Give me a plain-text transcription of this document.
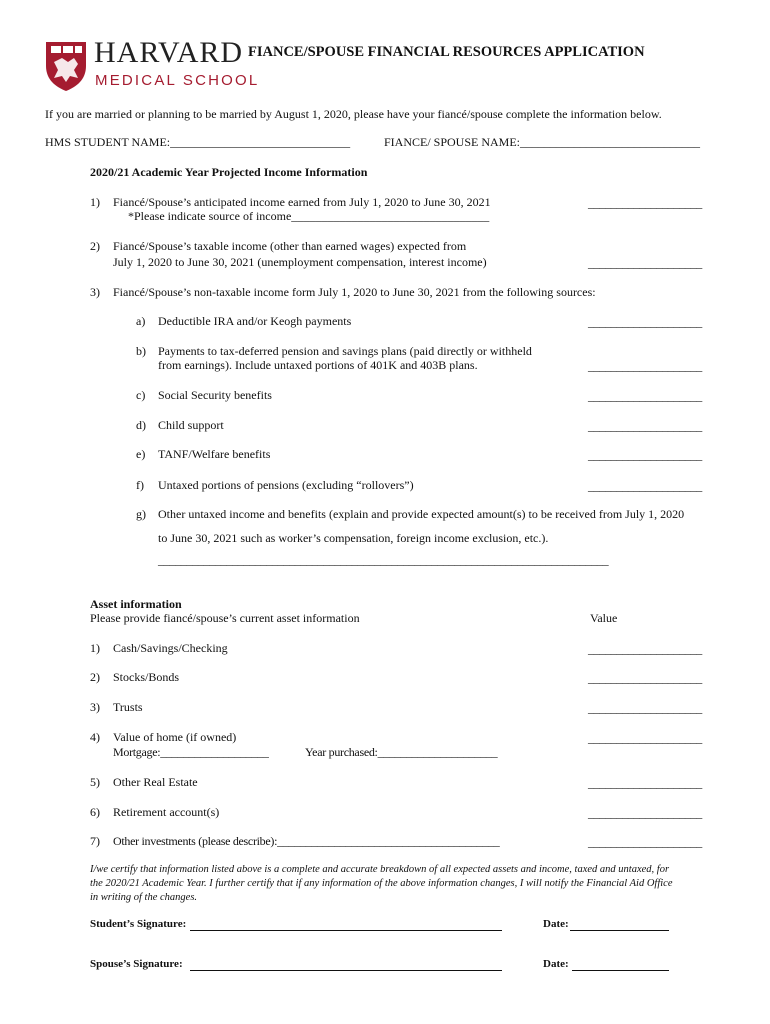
HARVARD
MEDICAL SCHOOL
FIANCE/SPOUSE FINANCIAL RESOURCES APPLICATION
If you are married or planning to be married by August 1, 2020, please have your fiancé/spouse complete the information below.
HMS STUDENT NAME:______________________________	FIANCE/ SPOUSE NAME:______________________________
2020/21 Academic Year Projected Income Information
1) Fiancé/Spouse’s anticipated income earned from July 1, 2020 to June 30, 2021
*Please indicate source of income_________________________________
____________________
2) Fiancé/Spouse’s taxable income (other than earned wages) expected from
July 1, 2020 to June 30, 2021 (unemployment compensation, interest income)	____________________
3) Fiancé/Spouse’s non-taxable income form July 1, 2020 to June 30, 2021 from the following sources:
a) Deductible IRA and/or Keogh payments	____________________
b) Payments to tax-deferred pension and savings plans (paid directly or withheld
from earnings). Include untaxed portions of 401K and 403B plans.	____________________
c) Social Security benefits	____________________
d) Child support	____________________
e) TANF/Welfare benefits	____________________
f) Untaxed portions of pensions (excluding “rollovers”)	____________________
g) Other untaxed income and benefits (explain and provide expected amount(s) to be received from July 1, 2020
to June 30, 2021 such as worker’s compensation, foreign income exclusion, etc.).
_______________________________________________________________________________
Asset information
Please provide fiancé/spouse’s current asset information	Value
1) Cash/Savings/Checking	____________________
2) Stocks/Bonds	____________________
3) Trusts	____________________
4) Value of home (if owned)
Mortgage:___________________	Year purchased:_____________________
____________________
5) Other Real Estate	____________________
6) Retirement account(s)	____________________
7) Other investments (please describe):_______________________________________	____________________
I/we certify that information listed above is a complete and accurate breakdown of all expected assets and income, taxed and untaxed, for
the 2020/21 Academic Year. I further certify that if any information of the above information changes, I will notify the Financial Aid Office
in writing of the changes.
Student’s Signature:	Date:
Spouse’s Signature:	Date:
